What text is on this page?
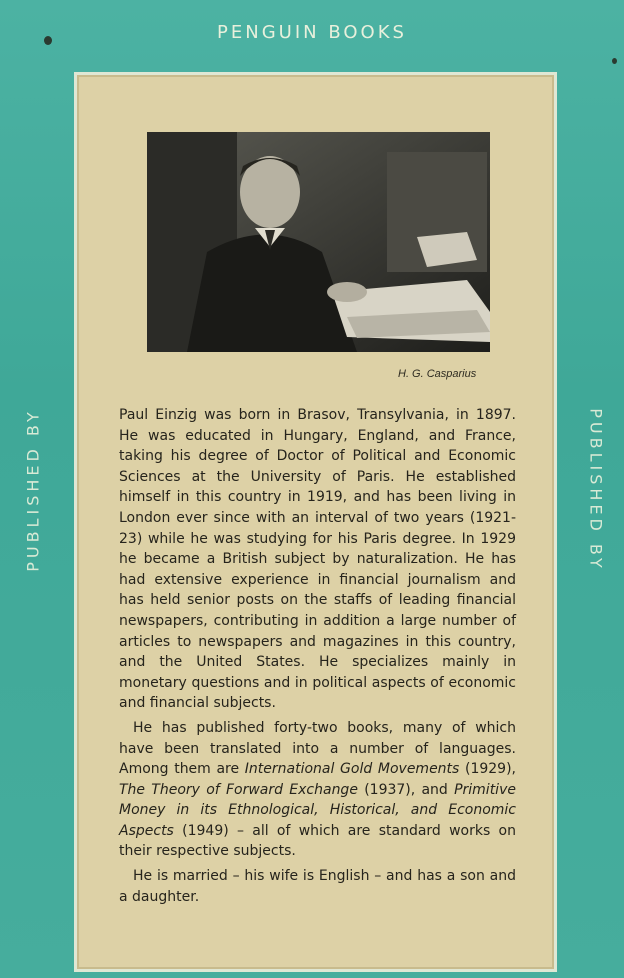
PENGUIN BOOKS
PUBLISHED BY	PUBLISHED BY
H. G. Casparius

Paul Einzig was born in Brasov, Transylvania, in 1897. He was educated in Hungary, England, and France, taking his degree of Doctor of Political and Economic Sciences at the University of Paris. He established himself in this country in 1919, and has been living in London ever since with an interval of two years (1921-23) while he was studying for his Paris degree. In 1929 he became a British subject by naturalization. He has had extensive experience in financial journalism and has held senior posts on the staffs of leading financial newspapers, contributing in addition a large number of articles to newspapers and magazines in this country, and the United States. He specializes mainly in monetary questions and in political aspects of economic and financial subjects.

He has published forty-two books, many of which have been translated into a number of languages. Among them are International Gold Movements (1929), The Theory of Forward Exchange (1937), and Primitive Money in its Ethnological, Historical, and Economic Aspects (1949) – all of which are standard works on their respective subjects.

He is married – his wife is English – and has a son and a daughter.
